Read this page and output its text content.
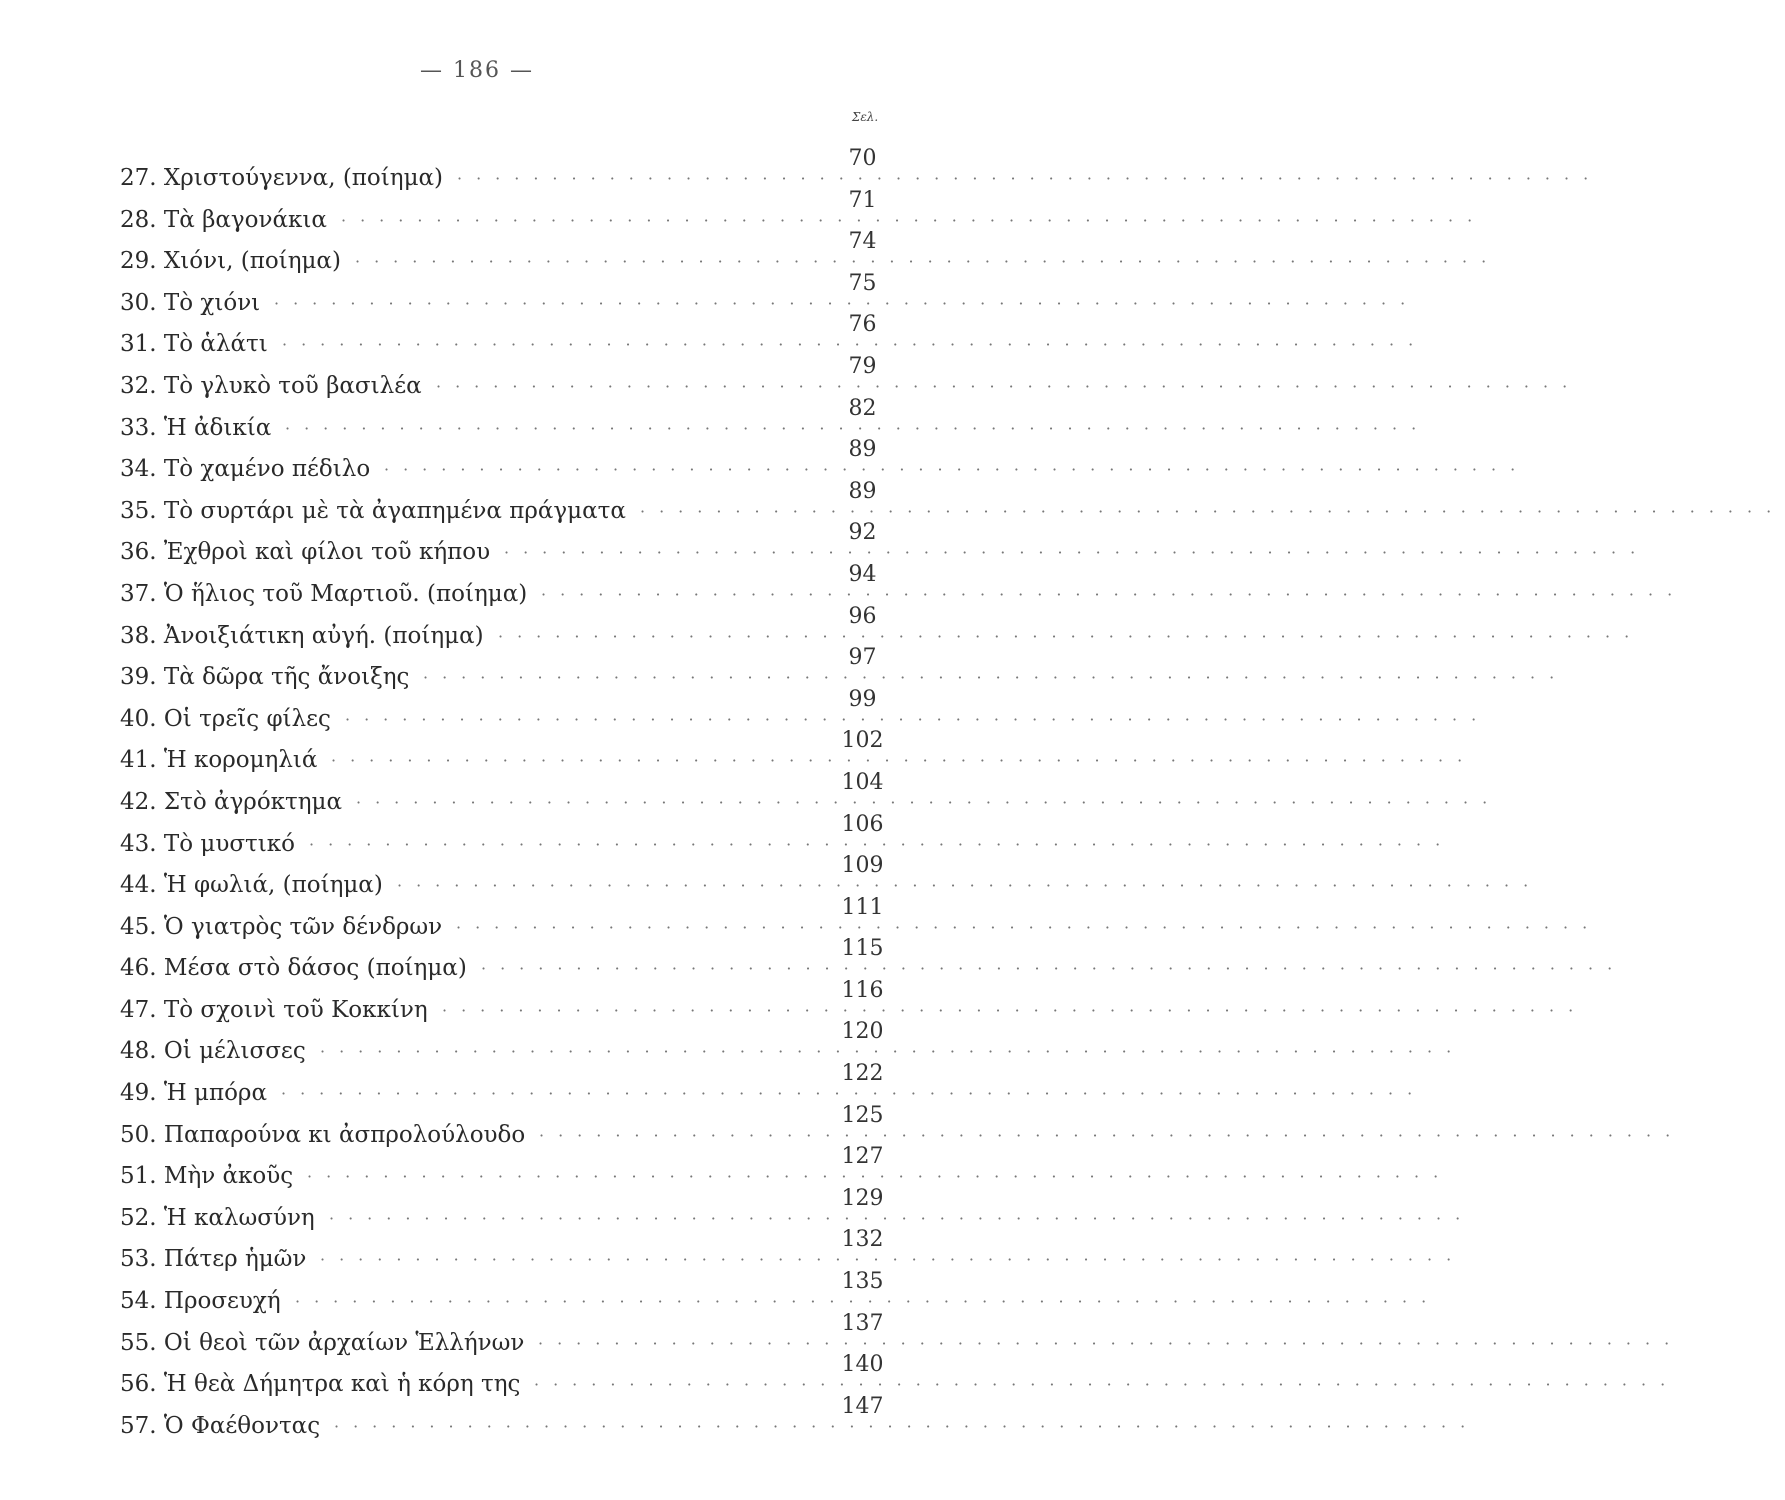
— 186 —
Σελ.
27. Χριστούγεννα, (ποίημα) ····························································
70
28. Τὰ βαγονάκια ····························································
71
29. Χιόνι, (ποίημα) ····························································
74
30. Τὸ χιόνι ····························································
75
31. Τὸ ἁλάτι ····························································
76
32. Τὸ γλυκὸ τοῦ βασιλέα ····························································
79
33. Ἡ ἀδικία ····························································
82
34. Τὸ χαμένο πέδιλο ····························································
89
35. Τὸ συρτάρι μὲ τὰ ἀγαπημένα πράγματα ····························································
89
36. Ἐχθροὶ καὶ φίλοι τοῦ κήπου ····························································
92
37. Ὁ ἥλιος τοῦ Μαρτιοῦ. (ποίημα) ····························································
94
38. Ἀνοιξιάτικη αὐγή. (ποίημα) ····························································
96
39. Τὰ δῶρα τῆς ἄνοιξης ····························································
97
40. Οἱ τρεῖς φίλες ····························································
99
41. Ἡ κορομηλιά ····························································
102
42. Στὸ ἀγρόκτημα ····························································
104
43. Τὸ μυστικό ····························································
106
44. Ἡ φωλιά, (ποίημα) ····························································
109
45. Ὁ γιατρὸς τῶν δένδρων ····························································
111
46. Μέσα στὸ δάσος (ποίημα) ····························································
115
47. Τὸ σχοινὶ τοῦ Κοκκίνη ····························································
116
48. Οἱ μέλισσες ····························································
120
49. Ἡ μπόρα ····························································
122
50. Παπαρούνα κι ἀσπρολούλουδο ····························································
125
51. Μὴν ἀκοῦς ····························································
127
52. Ἡ καλωσύνη ····························································
129
53. Πάτερ ἡμῶν ····························································
132
54. Προσευχή ····························································
135
55. Οἱ θεοὶ τῶν ἀρχαίων Ἑλλήνων ····························································
137
56. Ἡ θεὰ Δήμητρα καὶ ἡ κόρη της ····························································
140
57. Ὁ Φαέθοντας ····························································
147
